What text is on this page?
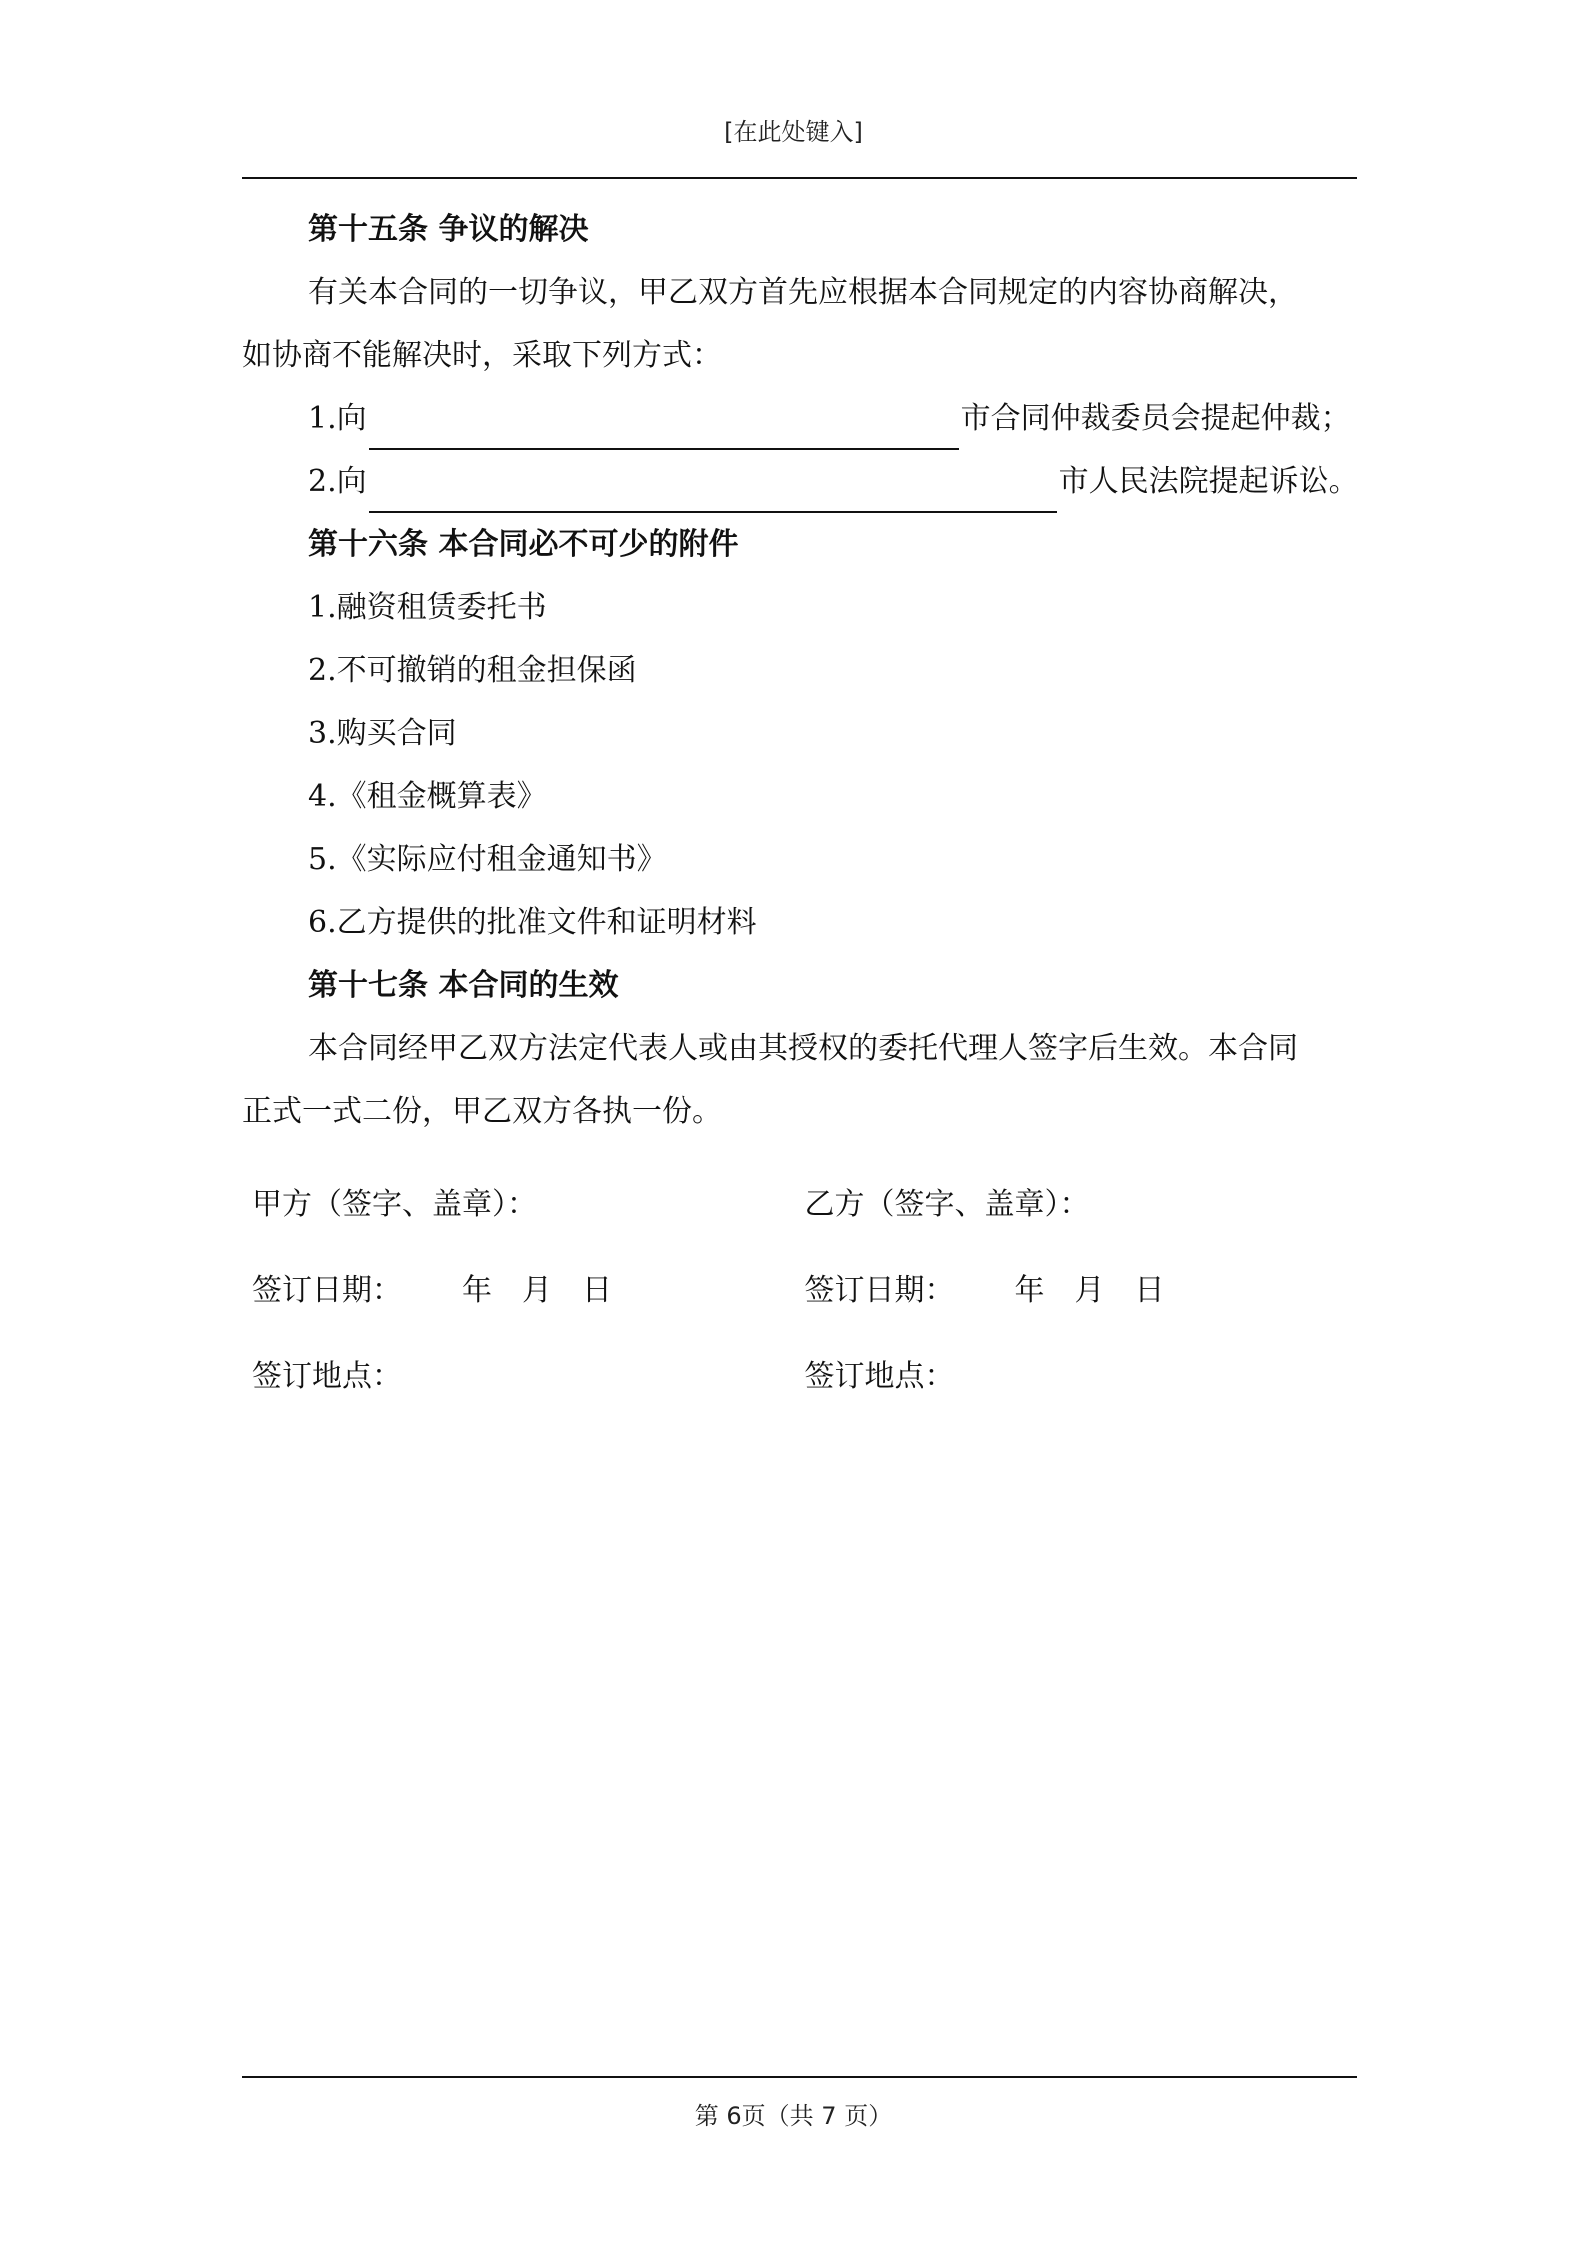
[在此处键入]
第十五条 争议的解决
有关本合同的一切争议，甲乙双方首先应根据本合同规定的内容协商解决，
如协商不能解决时，采取下列方式：
1.向	市合同仲裁委员会提起仲裁；
2.向	市人民法院提起诉讼。
第十六条 本合同必不可少的附件
1.融资租赁委托书
2.不可撤销的租金担保函
3.购买合同
4.《租金概算表》
5.《实际应付租金通知书》
6.乙方提供的批准文件和证明材料
第十七条 本合同的生效
本合同经甲乙双方法定代表人或由其授权的委托代理人签字后生效。本合同
正式一式二份，甲乙双方各执一份。
甲方（签字、盖章）：	乙方（签字、盖章）：
签订日期： 年 月 日	签订日期： 年 月 日
签订地点：	签订地点：
第 6页（共 7 页）
